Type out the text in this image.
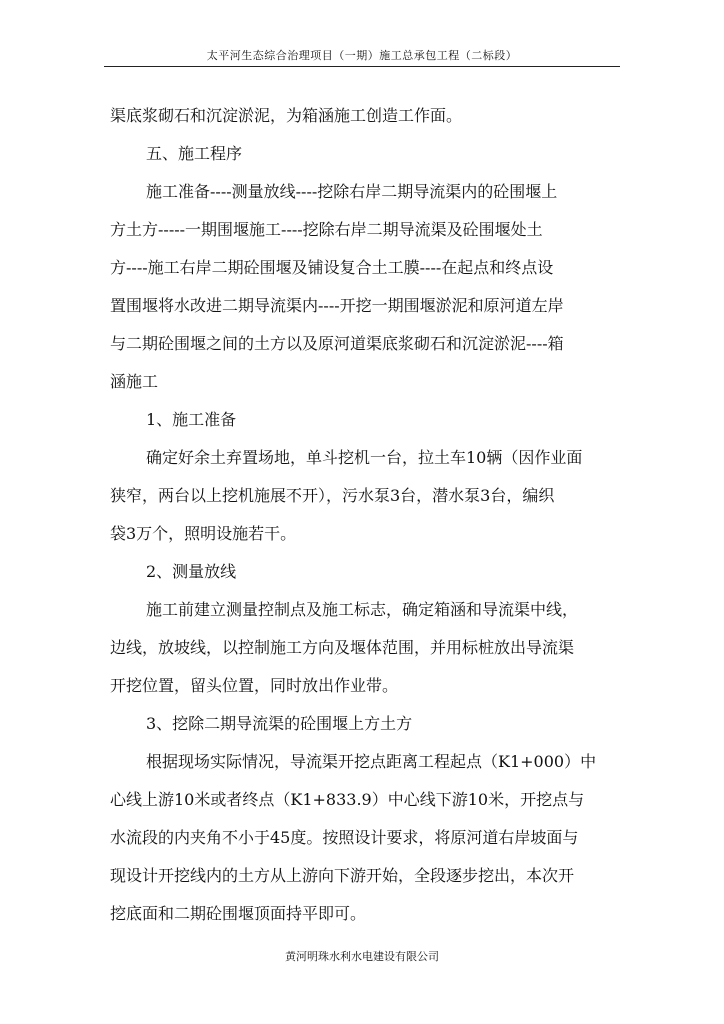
太平河生态综合治理项目（一期）施工总承包工程（二标段）
渠底浆砌石和沉淀淤泥，为箱涵施工创造工作面。
五、施工程序
施工准备----测量放线----挖除右岸二期导流渠内的砼围堰上
方土方-----一期围堰施工----挖除右岸二期导流渠及砼围堰处土
方----施工右岸二期砼围堰及铺设复合土工膜----在起点和终点设
置围堰将水改进二期导流渠内----开挖一期围堰淤泥和原河道左岸
与二期砼围堰之间的土方以及原河道渠底浆砌石和沉淀淤泥----箱
涵施工
1、施工准备
确定好余土弃置场地，单斗挖机一台，拉土车10辆（因作业面
狭窄，两台以上挖机施展不开），污水泵3台，潜水泵3台，编织
袋3万个，照明设施若干。
2、测量放线
施工前建立测量控制点及施工标志，确定箱涵和导流渠中线，
边线，放坡线，以控制施工方向及堰体范围，并用标桩放出导流渠
开挖位置，留头位置，同时放出作业带。
3、挖除二期导流渠的砼围堰上方土方
根据现场实际情况，导流渠开挖点距离工程起点（K1+000）中
心线上游10米或者终点（K1+833.9）中心线下游10米，开挖点与
水流段的内夹角不小于45度。按照设计要求，将原河道右岸坡面与
现设计开挖线内的土方从上游向下游开始，全段逐步挖出，本次开
挖底面和二期砼围堰顶面持平即可。
黄河明珠水利水电建设有限公司
